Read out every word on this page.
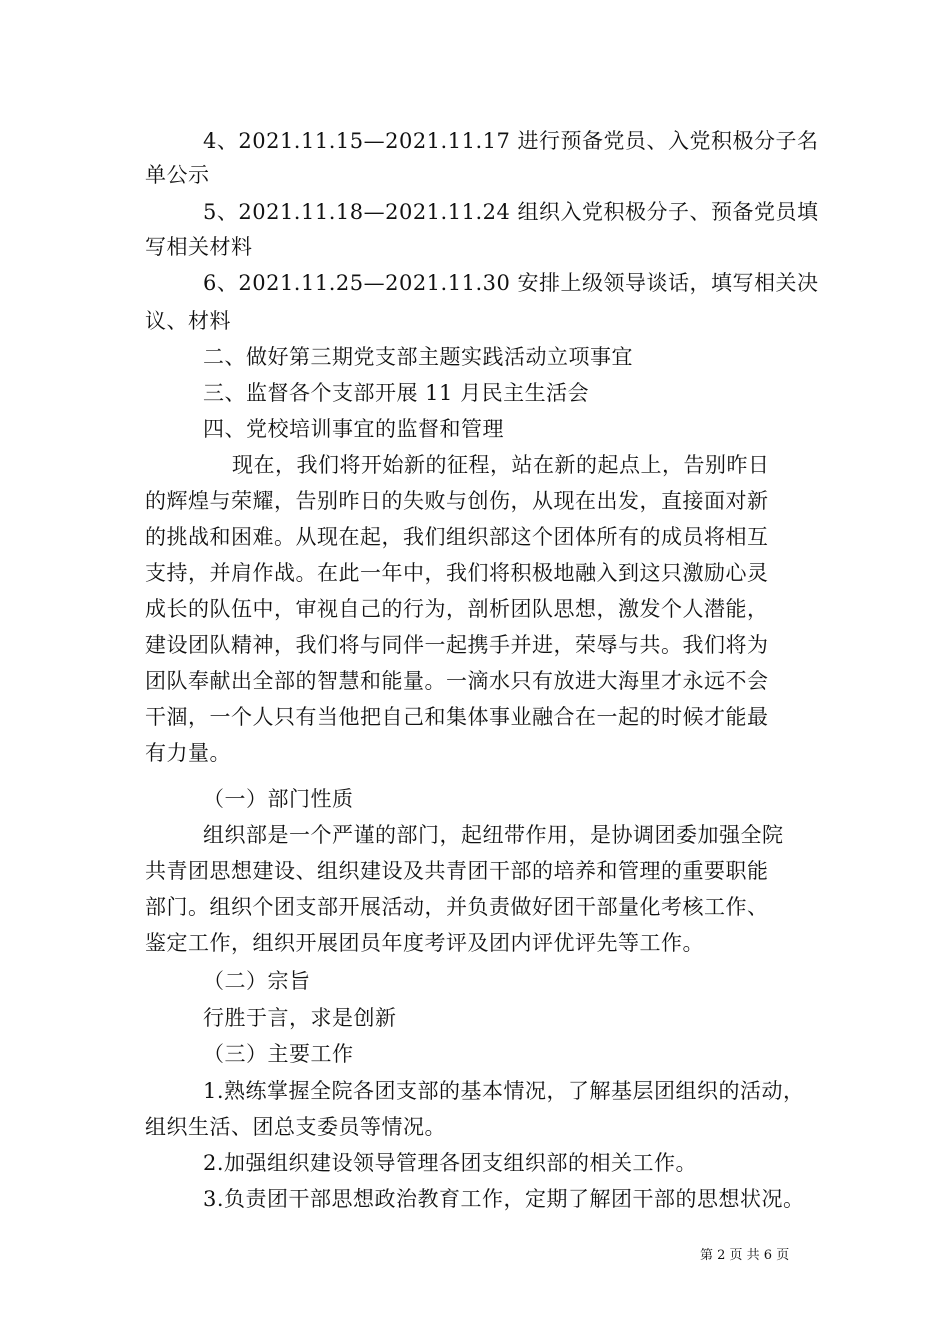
4、2021.11.15—2021.11.17 进行预备党员、入党积极分子名
单公示
5、2021.11.18—2021.11.24 组织入党积极分子、预备党员填
写相关材料
6、2021.11.25—2021.11.30 安排上级领导谈话，填写相关决
议、材料
二、做好第三期党支部主题实践活动立项事宜
三、监督各个支部开展 11 月民主生活会
四、党校培训事宜的监督和管理
现在，我们将开始新的征程，站在新的起点上，告别昨日
的辉煌与荣耀，告别昨日的失败与创伤，从现在出发，直接面对新
的挑战和困难。从现在起，我们组织部这个团体所有的成员将相互
支持，并肩作战。在此一年中，我们将积极地融入到这只激励心灵
成长的队伍中，审视自己的行为，剖析团队思想，激发个人潜能，
建设团队精神，我们将与同伴一起携手并进，荣辱与共。我们将为
团队奉献出全部的智慧和能量。一滴水只有放进大海里才永远不会
干涸，一个人只有当他把自己和集体事业融合在一起的时候才能最
有力量。
（一）部门性质
组织部是一个严谨的部门，起纽带作用，是协调团委加强全院
共青团思想建设、组织建设及共青团干部的培养和管理的重要职能
部门。组织个团支部开展活动，并负责做好团干部量化考核工作、
鉴定工作，组织开展团员年度考评及团内评优评先等工作。
（二）宗旨
行胜于言，求是创新
（三）主要工作
1.熟练掌握全院各团支部的基本情况，了解基层团组织的活动，
组织生活、团总支委员等情况。
2.加强组织建设领导管理各团支组织部的相关工作。
3.负责团干部思想政治教育工作，定期了解团干部的思想状况。
第 2 页 共 6 页
